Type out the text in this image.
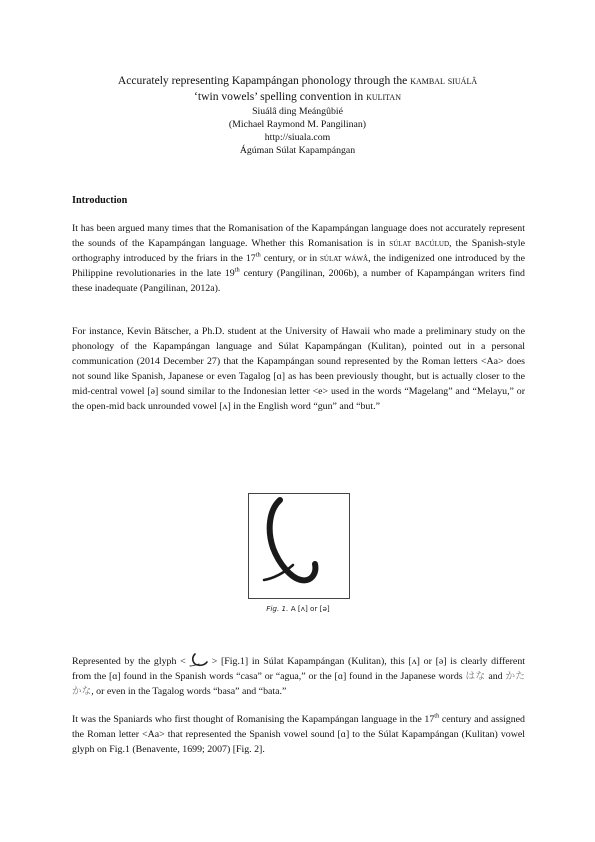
Accurately representing Kapampángan phonology through the kambal siuálâ
‘twin vowels’ spelling convention in kulitan
Siuálâ ding Meángûbié
(Michael Raymond M. Pangilinan)
http://siuala.com
Ágúman Súlat Kapampángan
Introduction
It has been argued many times that the Romanisation of the Kapampángan language does not accurately represent the sounds of the Kapampángan language. Whether this Romanisation is in súlat bacúlud, the Spanish-style orthography introduced by the friars in the 17th century, or in súlat wáwâ, the indigenized one introduced by the Philippine revolutionaries in the late 19th century (Pangilinan, 2006b), a number of Kapampángan writers find these inadequate (Pangilinan, 2012a).
For instance, Kevin Bätscher, a Ph.D. student at the University of Hawaii who made a preliminary study on the phonology of the Kapampángan language and Súlat Kapampángan (Kulitan), pointed out in a personal communication (2014 December 27) that the Kapampángan sound represented by the Roman letters <Aa> does not sound like Spanish, Japanese or even Tagalog [ɑ] as has been previously thought, but is actually closer to the mid-central vowel [ə] sound similar to the Indonesian letter <e> used in the words “Magelang” and “Melayu,” or the open-mid back unrounded vowel [ʌ] in the English word “gun” and “but.”
Fig. 1. A [ʌ] or [ə]
Represented by the glyph <	> [Fig.1] in Súlat Kapampángan (Kulitan), this [ʌ] or [ə] is clearly different from the [ɑ] found in the Spanish words “casa” or “agua,” or the [ɑ] found in the Japanese words はな and かたかな, or even in the Tagalog words “basa” and “bata.”
It was the Spaniards who first thought of Romanising the Kapampángan language in the 17th century and assigned the Roman letter <Aa> that represented the Spanish vowel sound [ɑ] to the Súlat Kapampángan (Kulitan) vowel glyph on Fig.1 (Benavente, 1699; 2007) [Fig. 2].
